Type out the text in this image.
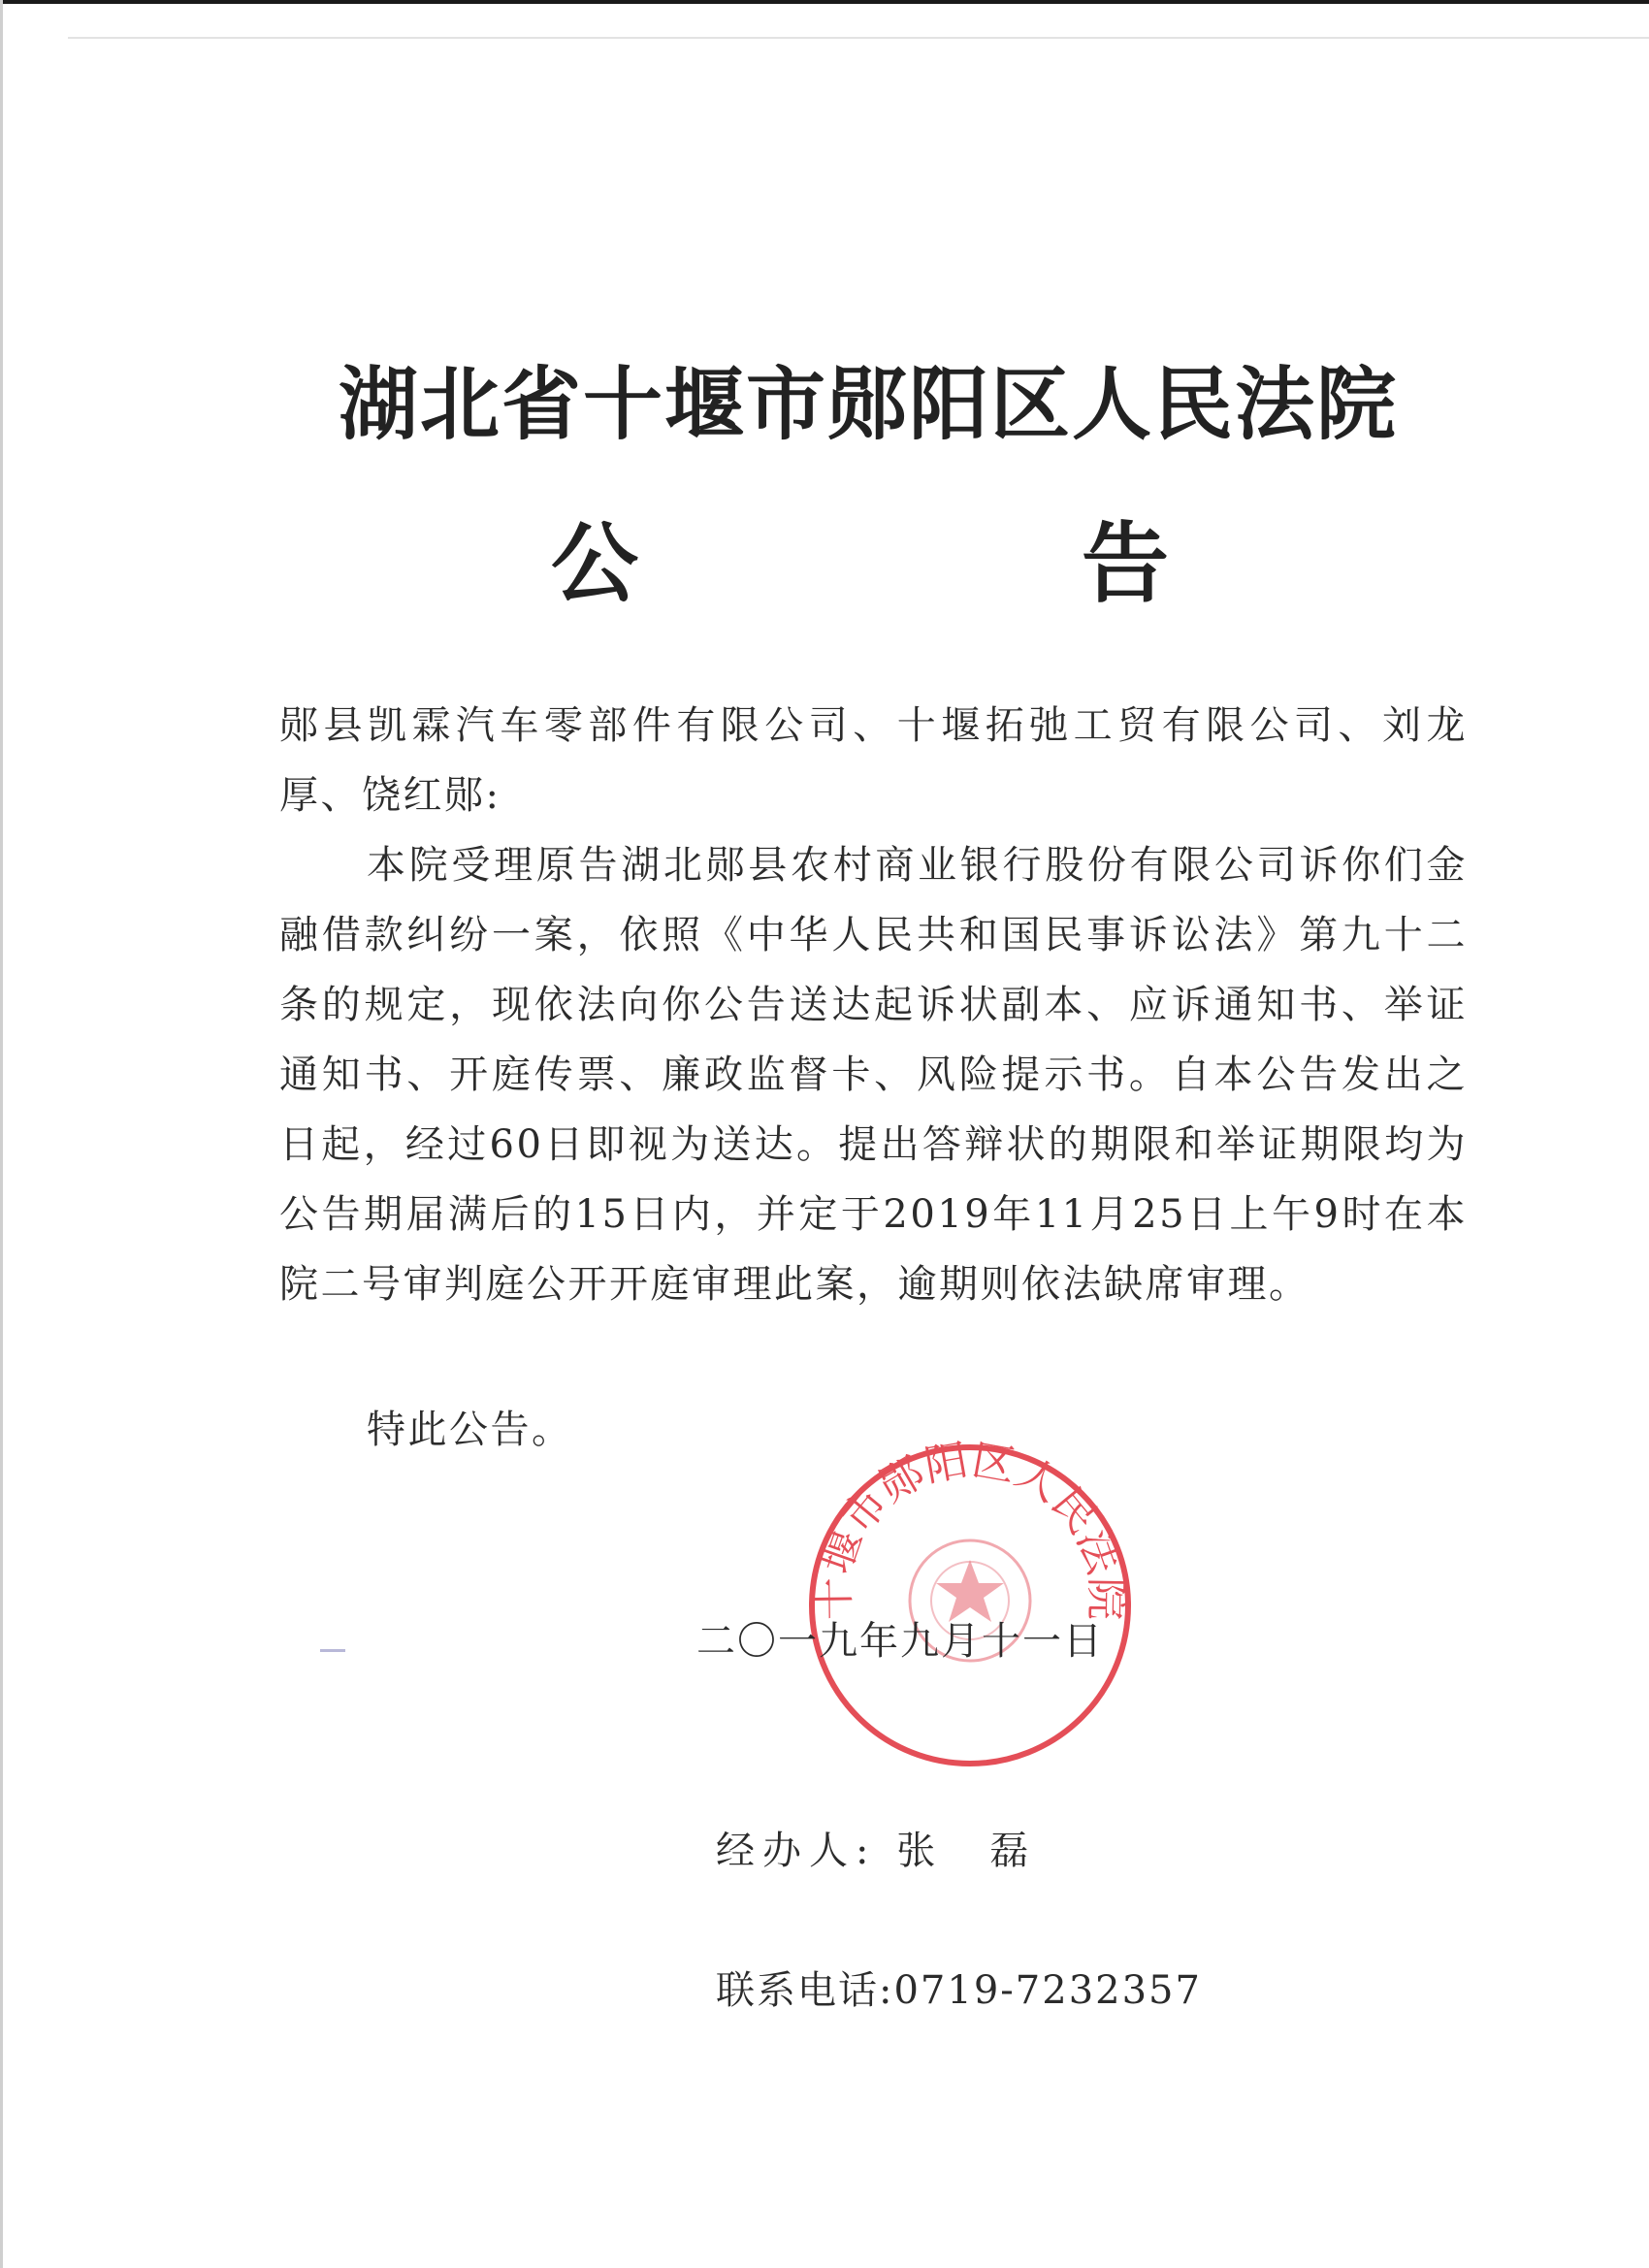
湖北省十堰市郧阳区人民法院
公	告
郧县凯霖汽车零部件有限公司、十堰拓弛工贸有限公司、刘龙厚、饶红郧:
本院受理原告湖北郧县农村商业银行股份有限公司诉你们金融借款纠纷一案，依照《中华人民共和国民事诉讼法》第九十二条的规定，现依法向你公告送达起诉状副本、应诉通知书、举证通知书、开庭传票、廉政监督卡、风险提示书。自本公告发出之日起，经过60日即视为送达。提出答辩状的期限和举证期限均为公告期届满后的15日内，并定于2019年11月25日上午9时在本院二号审判庭公开开庭审理此案，逾期则依法缺席审理。
特此公告。
十堰市郧阳区人民法院
二〇一九年九月十一日
经办人: 张　磊
联系电话:0719-7232357
